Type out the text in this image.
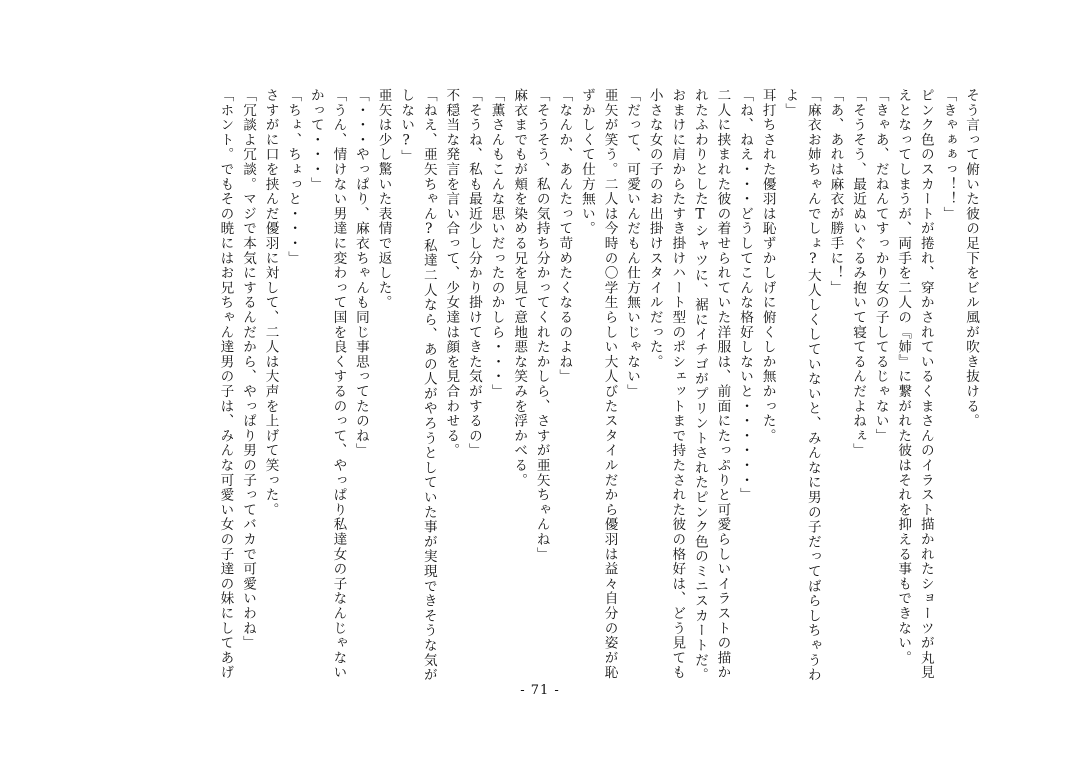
そう言って俯いた彼の足下をビル風が吹き抜ける。
「きゃぁぁっ！！」
ピンク色のスカートが捲れ、穿かされているくまさんのイラスト描かれたショーツが丸見
えとなってしまうが、両手を二人の『姉』に繋がれた彼はそれを抑える事もできない。
「きゃあ、だねんてすっかり女の子してるじゃない」
「そうそう、最近ぬいぐるみ抱いて寝てるんだよねぇ」
「あ、あれは麻衣が勝手に！」
「麻衣お姉ちゃんでしょ?大人しくしていないと、みんなに男の子だってばらしちゃうわ
よ」
耳打ちされた優羽は恥ずかしげに俯くしか無かった。
「ね、ねえ・・・どうしてこんな格好しないと・・・・・・」
二人に挟まれた彼の着せられていた洋服は、前面にたっぷりと可愛らしいイラストの描か
れたふわりとしたTシャツに、裾にイチゴがプリントされたピンク色のミニスカートだ。
おまけに肩からたすき掛けハート型のポシェットまで持たされた彼の格好は、どう見ても
小さな女の子のお出掛けスタイルだった。
「だって、可愛いんだもん仕方無いじゃない」
亜矢が笑う。二人は今時の〇学生らしい大人びたスタイルだから優羽は益々自分の姿が恥
ずかしくて仕方無い。
「なんか、あんたって苛めたくなるのよね」
「そうそう、私の気持ち分かってくれたかしら、さすが亜矢ちゃんね」
麻衣までもが頬を染める兄を見て意地悪な笑みを浮かべる。
「薫さんもこんな思いだったのかしら・・・」
「そうね、私も最近少し分かり掛けてきた気がするの」
不穏当な発言を言い合って、少女達は顔を見合わせる。
「ねえ、亜矢ちゃん?私達二人なら、あの人がやろうとしていた事が実現できそうな気が
しない?」
亜矢は少し驚いた表情で返した。
「・・・やっぱり、麻衣ちゃんも同じ事思ってたのね」
「うん、情けない男達に変わって国を良くするのって、やっぱり私達女の子なんじゃない
かって・・・」
「ちょ、ちょっと・・・」
さすがに口を挟んだ優羽に対して、二人は大声を上げて笑った。
「冗談よ冗談。マジで本気にするんだから、やっぱり男の子ってバカで可愛いわね」
「ホント。でもその暁にはお兄ちゃん達男の子は、みんな可愛い女の子達の妹にしてあげ
- 71 -
